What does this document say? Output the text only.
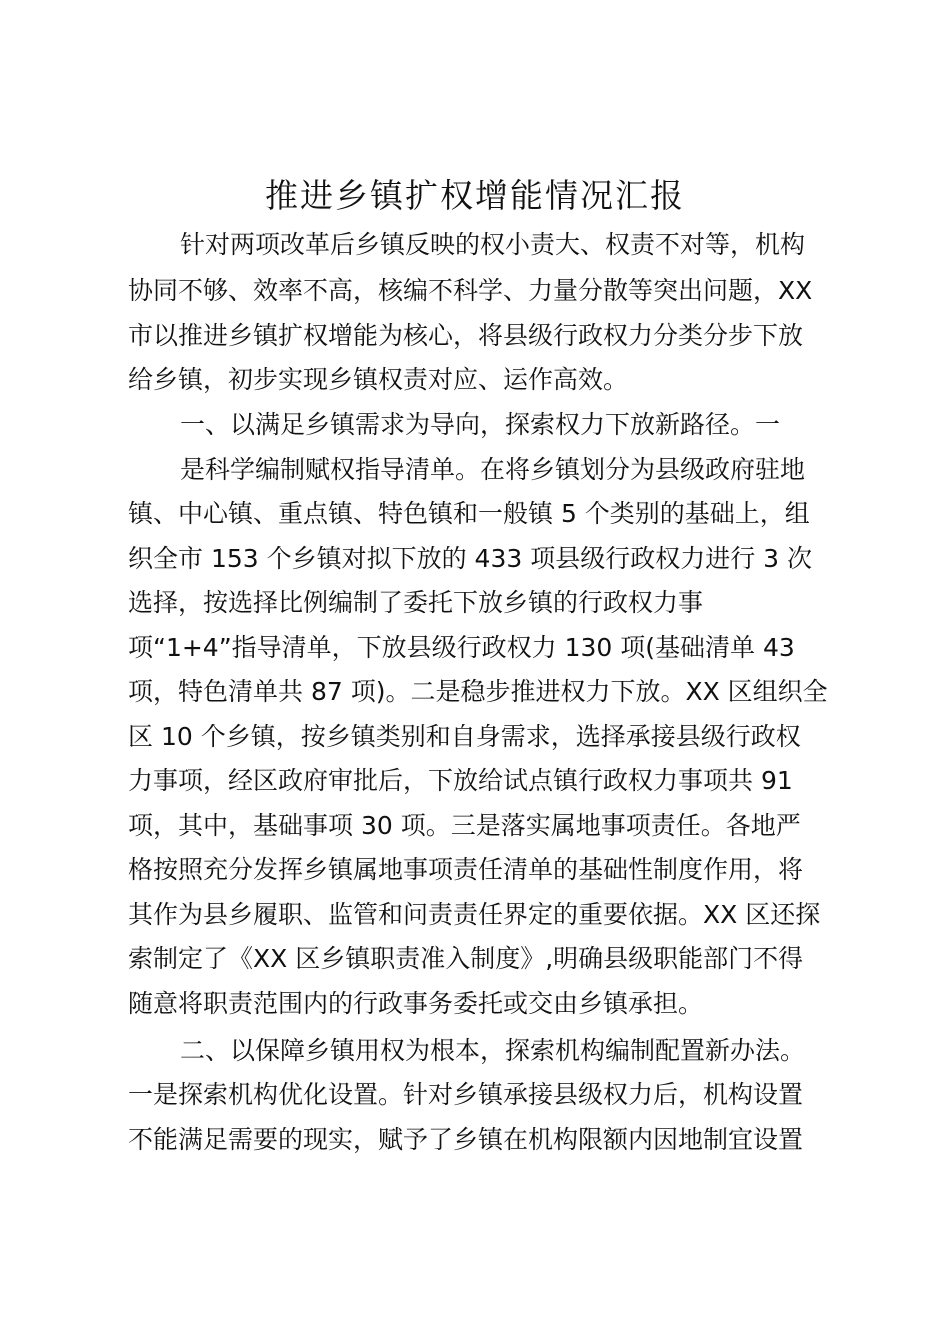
推进乡镇扩权增能情况汇报

针对两项改革后乡镇反映的权小责大、权责不对等，机构

协同不够、效率不高，核编不科学、力量分散等突出问题，XX

市以推进乡镇扩权增能为核心，将县级行政权力分类分步下放

给乡镇，初步实现乡镇权责对应、运作高效。

一、以满足乡镇需求为导向，探索权力下放新路径。一

是科学编制赋权指导清单。在将乡镇划分为县级政府驻地

镇、中心镇、重点镇、特色镇和一般镇 5 个类别的基础上，组

织全市 153 个乡镇对拟下放的 433 项县级行政权力进行 3 次

选择，按选择比例编制了委托下放乡镇的行政权力事

项“1+4”指导清单，下放县级行政权力 130 项(基础清单 43

项，特色清单共 87 项)。二是稳步推进权力下放。XX 区组织全

区 10 个乡镇，按乡镇类别和自身需求，选择承接县级行政权

力事项，经区政府审批后，下放给试点镇行政权力事项共 91

项，其中，基础事项 30 项。三是落实属地事项责任。各地严

格按照充分发挥乡镇属地事项责任清单的基础性制度作用，将

其作为县乡履职、监管和问责责任界定的重要依据。XX 区还探

索制定了《XX 区乡镇职责准入制度》,明确县级职能部门不得

随意将职责范围内的行政事务委托或交由乡镇承担。

二、以保障乡镇用权为根本，探索机构编制配置新办法。

一是探索机构优化设置。针对乡镇承接县级权力后，机构设置

不能满足需要的现实，赋予了乡镇在机构限额内因地制宜设置
